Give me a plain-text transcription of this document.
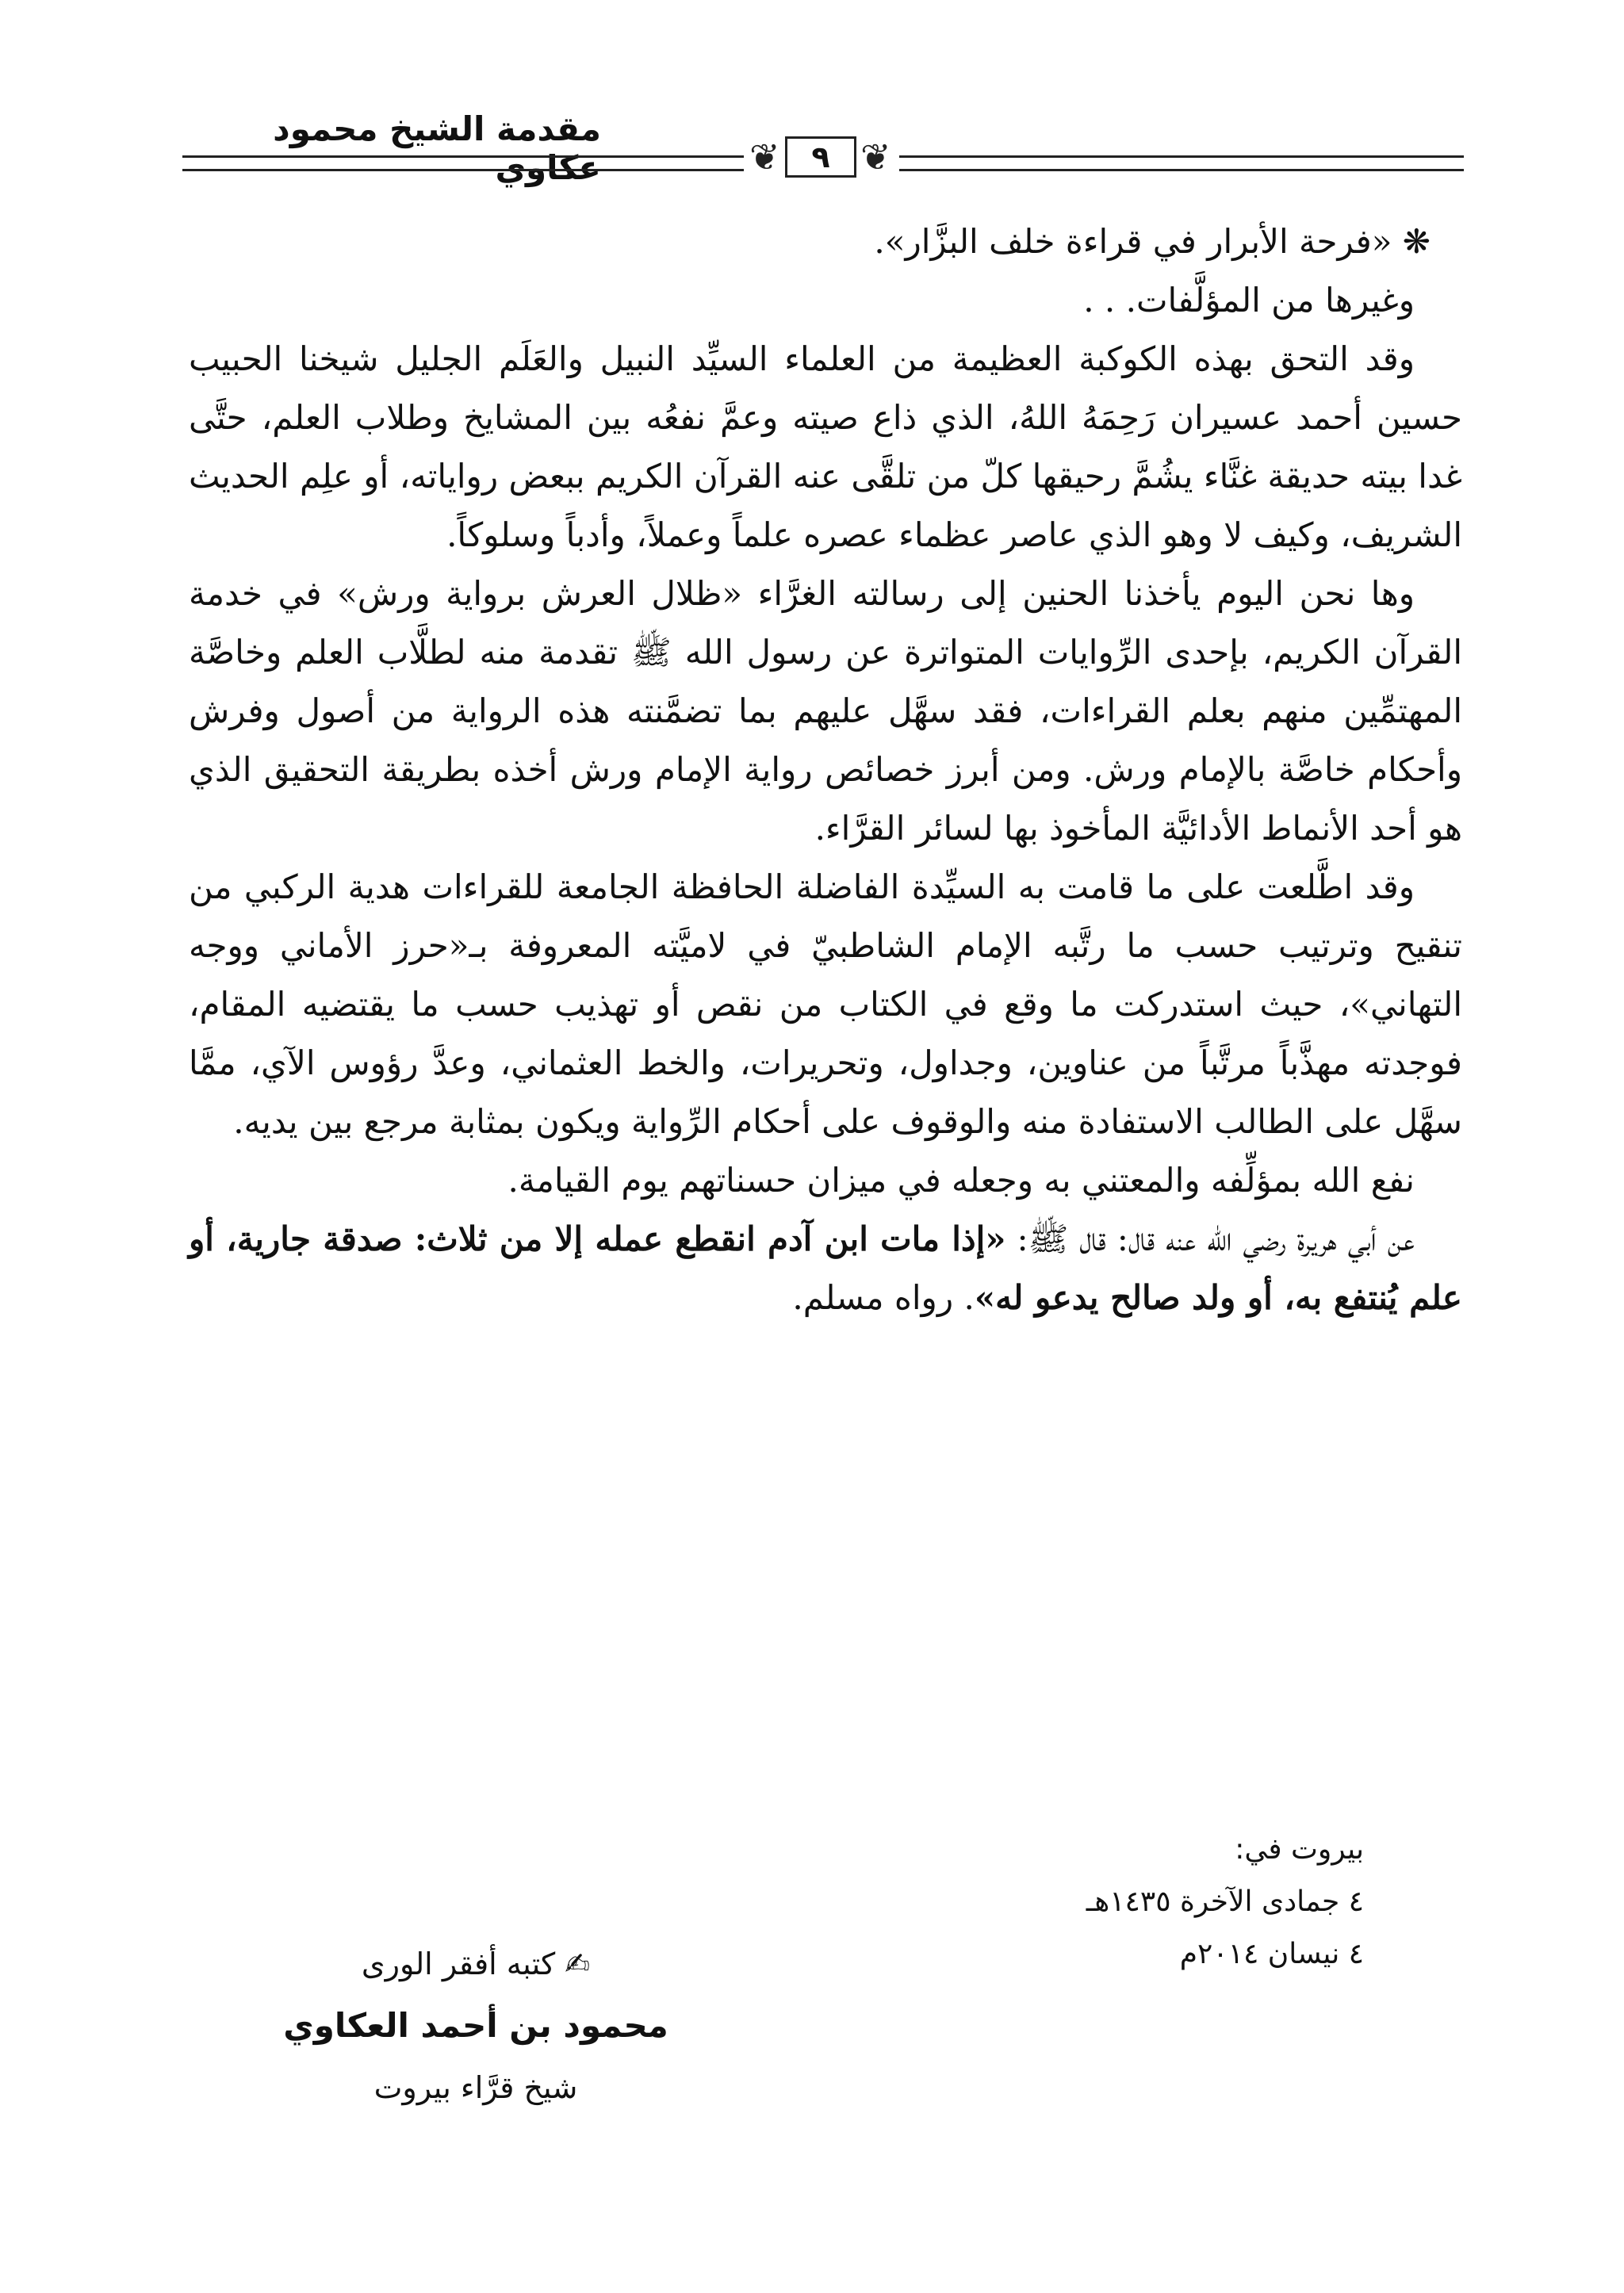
مقدمة الشيخ محمود عكاوي	❦	٩ ❦

❋ «فرحة الأبرار في قراءة خلف البزَّار».

وغيرها من المؤلَّفات. . .

وقد التحق بهذه الكوكبة العظيمة من العلماء السيِّد النبيل والعَلَم الجليل شيخنا الحبيب حسين أحمد عسيران رَحِمَهُ اللهُ، الذي ذاع صيته وعمَّ نفعُه بين المشايخ وطلاب العلم، حتَّى غدا بيته حديقة غنَّاء يشُمَّ رحيقها كلّ من تلقَّى عنه القرآن الكريم ببعض رواياته، أو علِم الحديث الشريف، وكيف لا وهو الذي عاصر عظماء عصره علماً وعملاً، وأدباً وسلوكاً.

وها نحن اليوم يأخذنا الحنين إلى رسالته الغرَّاء «ظلال العرش برواية ورش» في خدمة القرآن الكريم، بإحدى الرِّوايات المتواترة عن رسول الله ﷺ تقدمة منه لطلَّاب العلم وخاصَّة المهتمِّين منهم بعلم القراءات، فقد سهَّل عليهم بما تضمَّنته هذه الرواية من أصول وفرش وأحكام خاصَّة بالإمام ورش. ومن أبرز خصائص رواية الإمام ورش أخذه بطريقة التحقيق الذي هو أحد الأنماط الأدائيَّة المأخوذ بها لسائر القرَّاء.

وقد اطَّلعت على ما قامت به السيِّدة الفاضلة الحافظة الجامعة للقراءات هدية الركبي من تنقيح وترتيب حسب ما رتَّبه الإمام الشاطبيّ في لاميَّته المعروفة بـ«حرز الأماني ووجه التهاني»، حيث استدركت ما وقع في الكتاب من نقص أو تهذيب حسب ما يقتضيه المقام، فوجدته مهذَّباً مرتَّباً من عناوين، وجداول، وتحريرات، والخط العثماني، وعدَّ رؤوس الآي، ممَّا سهَّل على الطالب الاستفادة منه والوقوف على أحكام الرِّواية ويكون بمثابة مرجع بين يديه.

نفع الله بمؤلِّفه والمعتني به وجعله في ميزان حسناتهم يوم القيامة.

عن أبي هريرة رضي الله عنه قال: قال ﷺ: «إذا مات ابن آدم انقطع عمله إلا من ثلاث: صدقة جارية، أو علم يُنتفع به، أو ولد صالح يدعو له». رواه مسلم.

بيروت في:
٤ جمادى الآخرة ١٤٣٥هـ
٤ نيسان ٢٠١٤م
✍ كتبه أفقر الورى
محمود بن أحمد العكاوي
شيخ قرَّاء بيروت
